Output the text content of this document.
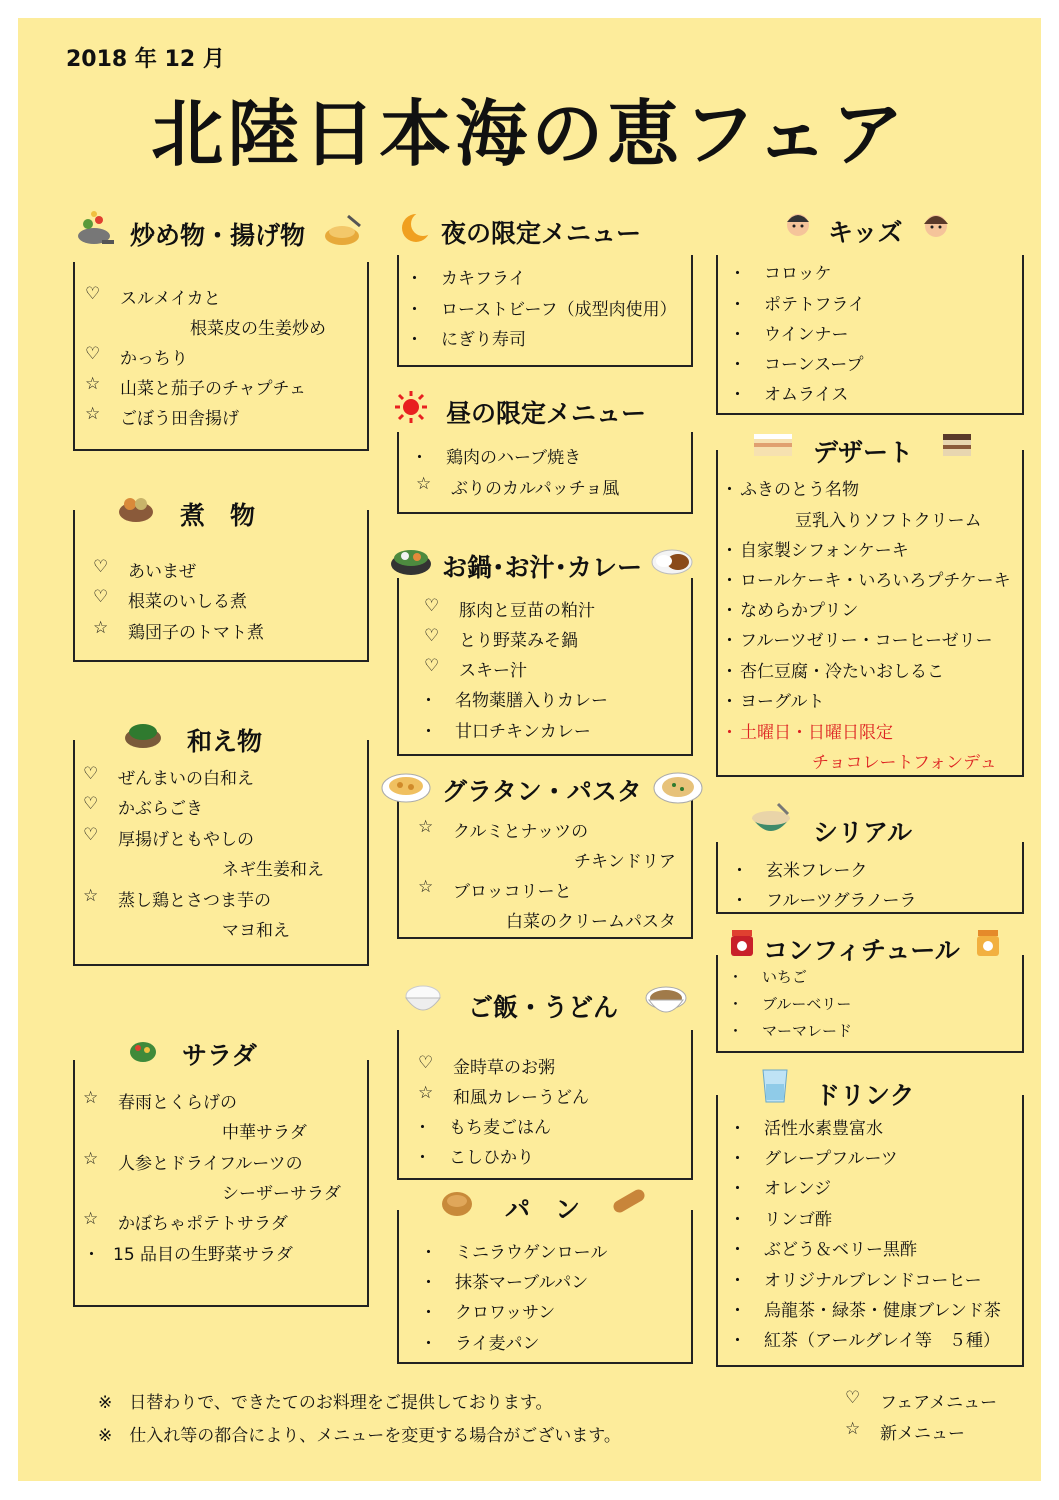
2018 年 12 月
北陸日本海の恵フェア
炒め物・揚げ物
煮　物
和え物
サラダ
夜の限定メニュー
昼の限定メニュー
お鍋･お汁･カレー
グラタン・パスタ
ご飯・うどん
パ　ン
キッズ
デザート
シリアル
コンフィチュール
ドリンク
♡ スルメイカと
根菜皮の生姜炒め
♡ かっちり
☆ 山菜と茄子のチャプチェ
☆ ごぼう田舎揚げ
♡ あいまぜ
♡ 根菜のいしる煮
☆ 鶏団子のトマト煮
♡ ぜんまいの白和え
♡ かぶらごき
♡ 厚揚げともやしの
ネギ生姜和え
☆ 蒸し鶏とさつま芋の
マヨ和え
☆ 春雨とくらげの
中華サラダ
☆ 人参とドライフルーツの
シーザーサラダ
☆ かぼちゃポテトサラダ
・ 15 品目の生野菜サラダ
・ カキフライ
・ ローストビーフ（成型肉使用）
・ にぎり寿司
・ 鶏肉のハーブ焼き
☆ ぶりのカルパッチョ風
♡ 豚肉と豆苗の粕汁
♡ とり野菜みそ鍋
♡ スキー汁
・ 名物薬膳入りカレー
・ 甘口チキンカレー
☆ クルミとナッツの
チキンドリア
☆ ブロッコリーと
白菜のクリームパスタ
♡ 金時草のお粥
☆ 和風カレーうどん
・ もち麦ごはん
・ こしひかり
・ ミニラウゲンロール
・ 抹茶マーブルパン
・ クロワッサン
・ ライ麦パン
・ コロッケ
・ ポテトフライ
・ ウインナー
・ コーンスープ
・ オムライス
・ ふきのとう名物
豆乳入りソフトクリーム
・ 自家製シフォンケーキ
・ ロールケーキ・いろいろプチケーキ
・ なめらかプリン
・ フルーツゼリー・コーヒーゼリー
・ 杏仁豆腐・冷たいおしるこ
・ ヨーグルト
・ 土曜日・日曜日限定
チョコレートフォンデュ
・ 玄米フレーク
・ フルーツグラノーラ
・ いちご
・ ブルーベリー
・ マーマレード
・ 活性水素豊富水
・ グレープフルーツ
・ オレンジ
・ リンゴ酢
・ ぶどう＆ベリー黒酢
・ オリジナルブレンドコーヒー
・ 烏龍茶・緑茶・健康ブレンド茶
・ 紅茶（アールグレイ等　５種）
※　日替わりで、できたてのお料理をご提供しております。
※　仕入れ等の都合により、メニューを変更する場合がございます。
♡ フェアメニュー
☆ 新メニュー
